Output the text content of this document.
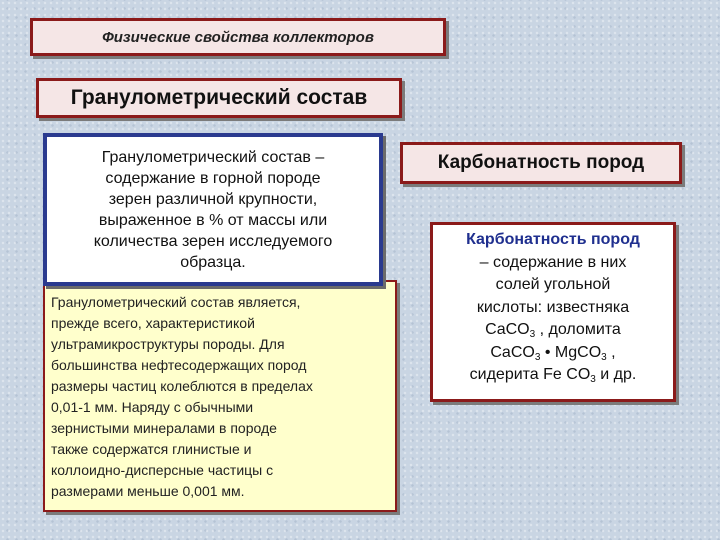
Физические свойства коллекторов
Гранулометрический состав
Гранулометрический состав –
содержание в горной породе
зерен различной крупности,
выраженное в % от массы или
количества зерен исследуемого
образца.
Гранулометрический состав является,
прежде всего, характеристикой
ультрамикроструктуры породы. Для
большинства нефтесодержащих пород
размеры частиц колеблются в пределах
0,01-1 мм. Наряду с обычными
зернистыми минералами в породе
также содержатся глинистые и
коллоидно-дисперсные частицы с
размерами меньше 0,001 мм.
Карбонатность пород
Карбонатность пород
– содержание в них
солей угольной
кислоты: известняка
CaCO$_3$ , доломита
CaCO$_3$ • MgCO$_3$ ,
сидерита Fe $CO_3$ и др.
